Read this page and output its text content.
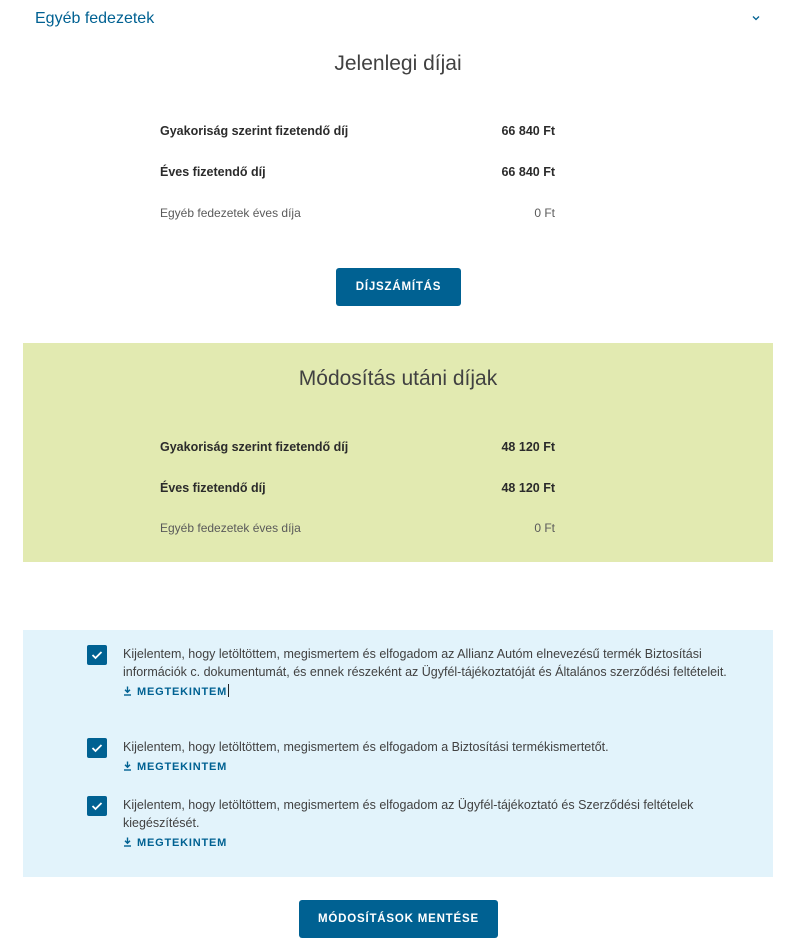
Egyéb fedezetek
Jelenlegi díjai
Gyakoriság szerint fizetendő díj	66 840 Ft
Éves fizetendő díj	66 840 Ft
Egyéb fedezetek éves díja	0 Ft
DÍJSZÁMÍTÁS
Módosítás utáni díjak
Gyakoriság szerint fizetendő díj	48 120 Ft
Éves fizetendő díj	48 120 Ft
Egyéb fedezetek éves díja	0 Ft
Kijelentem, hogy letöltöttem, megismertem és elfogadom az Allianz Autóm elnevezésű termék Biztosítási információk c. dokumentumát, és ennek részeként az Ügyfél-tájékoztatóját és Általános szerződési feltételeit.
MEGTEKINTEM
Kijelentem, hogy letöltöttem, megismertem és elfogadom a Biztosítási termékismertetőt.
MEGTEKINTEM
Kijelentem, hogy letöltöttem, megismertem és elfogadom az Ügyfél-tájékoztató és Szerződési feltételek kiegészítését.
MEGTEKINTEM
MÓDOSÍTÁSOK MENTÉSE
